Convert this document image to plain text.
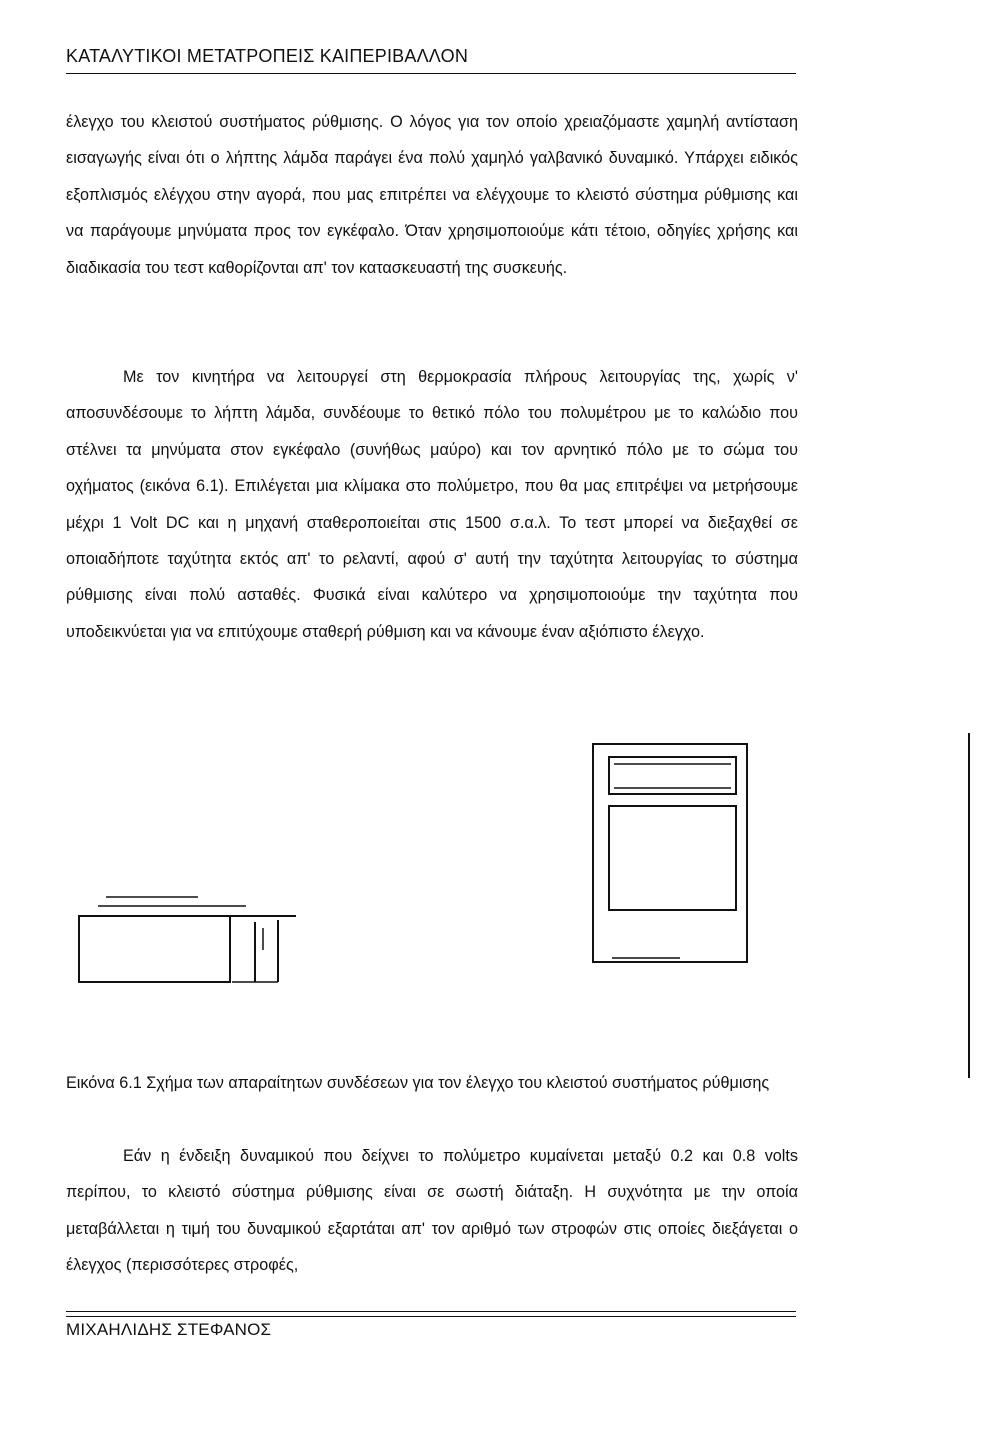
ΚΑΤΑΛΥΤΙΚΟΙ ΜΕΤΑΤΡΟΠΕΙΣ ΚΑΙΠΕΡΙΒΑΛΛΟΝ
έλεγχο του κλειστού συστήματος ρύθμισης. Ο λόγος για τον οποίο χρειαζόμαστε χαμηλή αντίσταση εισαγωγής είναι ότι ο λήπτης λάμδα παράγει ένα πολύ χαμηλό γαλβανικό δυναμικό. Υπάρχει ειδικός εξοπλισμός ελέγχου στην αγορά, που μας επιτρέπει να ελέγχουμε το κλειστό σύστημα ρύθμισης και να παράγουμε μηνύματα προς τον εγκέφαλο. Όταν χρησιμοποιούμε κάτι τέτοιο, οδηγίες χρήσης και διαδικασία του τεστ καθορίζονται απ' τον κατασκευαστή της συσκευής.
Με τον κινητήρα να λειτουργεί στη θερμοκρασία πλήρους λειτουργίας της, χωρίς ν' αποσυνδέσουμε το λήπτη λάμδα, συνδέουμε το θετικό πόλο του πολυμέτρου με το καλώδιο που στέλνει τα μηνύματα στον εγκέφαλο (συνήθως μαύρο) και τον αρνητικό πόλο με το σώμα του οχήματος (εικόνα 6.1). Επιλέγεται μια κλίμακα στο πολύμετρο, που θα μας επιτρέψει να μετρήσουμε μέχρι 1 Volt DC και η μηχανή σταθεροποιείται στις 1500 σ.α.λ. Το τεστ μπορεί να διεξαχθεί σε οποιαδήποτε ταχύτητα εκτός απ' το ρελαντί, αφού σ' αυτή την ταχύτητα λειτουργίας το σύστημα ρύθμισης είναι πολύ ασταθές. Φυσικά είναι καλύτερο να χρησιμοποιούμε την ταχύτητα που υποδεικνύεται για να επιτύχουμε σταθερή ρύθμιση και να κάνουμε έναν αξιόπιστο έλεγχο.
Εικόνα 6.1 Σχήμα των απαραίτητων συνδέσεων για τον έλεγχο του κλειστού συστήματος ρύθμισης
Εάν η ένδειξη δυναμικού που δείχνει το πολύμετρο κυμαίνεται μεταξύ 0.2 και 0.8 volts περίπου, το κλειστό σύστημα ρύθμισης είναι σε σωστή διάταξη. Η συχνότητα με την οποία μεταβάλλεται η τιμή του δυναμικού εξαρτάται απ' τον αριθμό των στροφών στις οποίες διεξάγεται ο έλεγχος (περισσότερες στροφές,
ΜΙΧΑΗΛΙΔΗΣ ΣΤΕΦΑΝΟΣ
